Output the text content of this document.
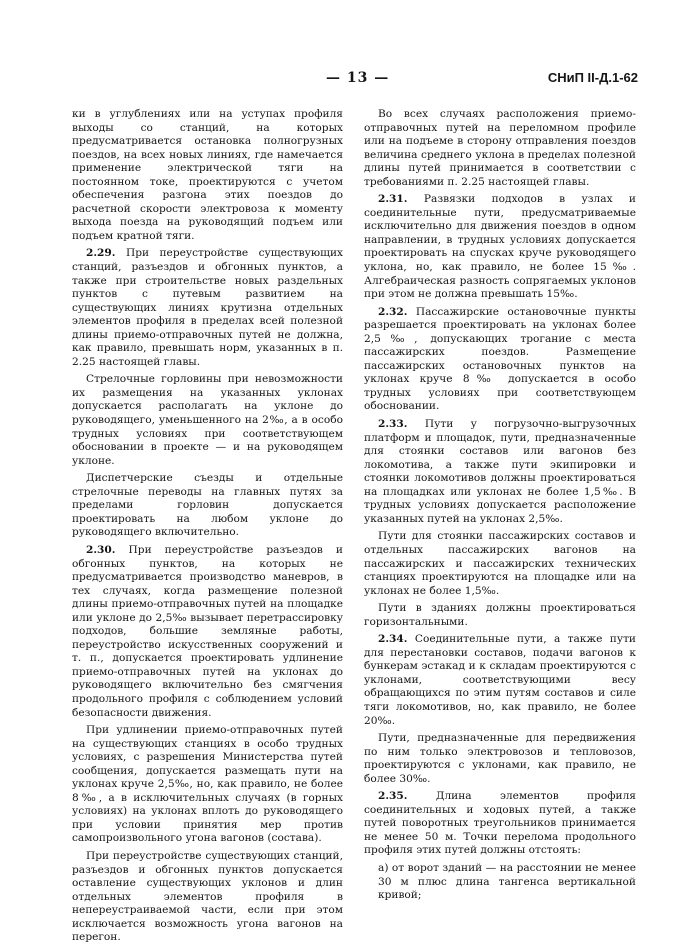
— 13 —	СНиП II-Д.1-62

ки в углублениях или на уступах профиля выходы со станций, на которых предусматривается остановка полногрузных поездов, на всех новых линиях, где намечается применение электрической тяги на постоянном токе, проектируются с учетом обеспечения разгона этих поездов до расчетной скорости электровоза к моменту выхода поезда на руководящий подъем или подъем кратной тяги.

2.29. При переустройстве существующих станций, разъездов и обгонных пунктов, а также при строительстве новых раздельных пунктов с путевым развитием на существующих линиях крутизна отдельных элементов профиля в пределах всей полезной длины приемо-отправочных путей не должна, как правило, превышать норм, указанных в п. 2.25 настоящей главы.

Стрелочные горловины при невозможности их размещения на указанных уклонах допускается располагать на уклоне до руководящего, уменьшенного на 2‰, а в особо трудных условиях при соответствующем обосновании в проекте — и на руководящем уклоне.

Диспетчерские съезды и отдельные стрелочные переводы на главных путях за пределами горловин допускается проектировать на любом уклоне до руководящего включительно.

2.30. При переустройстве разъездов и обгонных пунктов, на которых не предусматривается производство маневров, в тех случаях, когда размещение полезной длины приемо-отправочных путей на площадке или уклоне до 2,5‰ вызывает перетрассировку подходов, большие земляные работы, переустройство искусственных сооружений и т. п., допускается проектировать удлинение приемо-отправочных путей на уклонах до руководящего включительно без смягчения продольного профиля с соблюдением условий безопасности движения.

При удлинении приемо-отправочных путей на существующих станциях в особо трудных условиях, с разрешения Министерства путей сообщения, допускается размещать пути на уклонах круче 2,5‰, но, как правило, не более 8‰, а в исключительных случаях (в горных условиях) на уклонах вплоть до руководящего при условии принятия мер против самопроизвольного угона вагонов (состава).

При переустройстве существующих станций, разъездов и обгонных пунктов допускается оставление существующих уклонов и длин отдельных элементов профиля в непереустраиваемой части, если при этом исключается возможность угона вагонов на перегон.

Во всех случаях расположения приемо-отправочных путей на переломном профиле или на подъеме в сторону отправления поездов величина среднего уклона в пределах полезной длины путей принимается в соответствии с требованиями п. 2.25 настоящей главы.

2.31. Развязки подходов в узлах и соединительные пути, предусматриваемые исключительно для движения поездов в одном направлении, в трудных условиях допускается проектировать на спусках круче руководящего уклона, но, как правило, не более 15‰. Алгебраическая разность сопрягаемых уклонов при этом не должна превышать 15‰.

2.32. Пассажирские остановочные пункты разрешается проектировать на уклонах более 2,5‰, допускающих трогание с места пассажирских поездов. Размещение пассажирских остановочных пунктов на уклонах круче 8‰ допускается в особо трудных условиях при соответствующем обосновании.

2.33. Пути у погрузочно-выгрузочных платформ и площадок, пути, предназначенные для стоянки составов или вагонов без локомотива, а также пути экипировки и стоянки локомотивов должны проектироваться на площадках или уклонах не более 1,5‰. В трудных условиях допускается расположение указанных путей на уклонах 2,5‰.

Пути для стоянки пассажирских составов и отдельных пассажирских вагонов на пассажирских и пассажирских технических станциях проектируются на площадке или на уклонах не более 1,5‰.

Пути в зданиях должны проектироваться горизонтальными.

2.34. Соединительные пути, а также пути для перестановки составов, подачи вагонов к бункерам эстакад и к складам проектируются с уклонами, соответствующими весу обращающихся по этим путям составов и силе тяги локомотивов, но, как правило, не более 20‰.

Пути, предназначенные для передвижения по ним только электровозов и тепловозов, проектируются с уклонами, как правило, не более 30‰.

2.35. Длина элементов профиля соединительных и ходовых путей, а также путей поворотных треугольников принимается не менее 50 м. Точки перелома продольного профиля этих путей должны отстоять:

а) от ворот зданий — на расстоянии не менее 30 м плюс длина тангенса вертикальной кривой;
